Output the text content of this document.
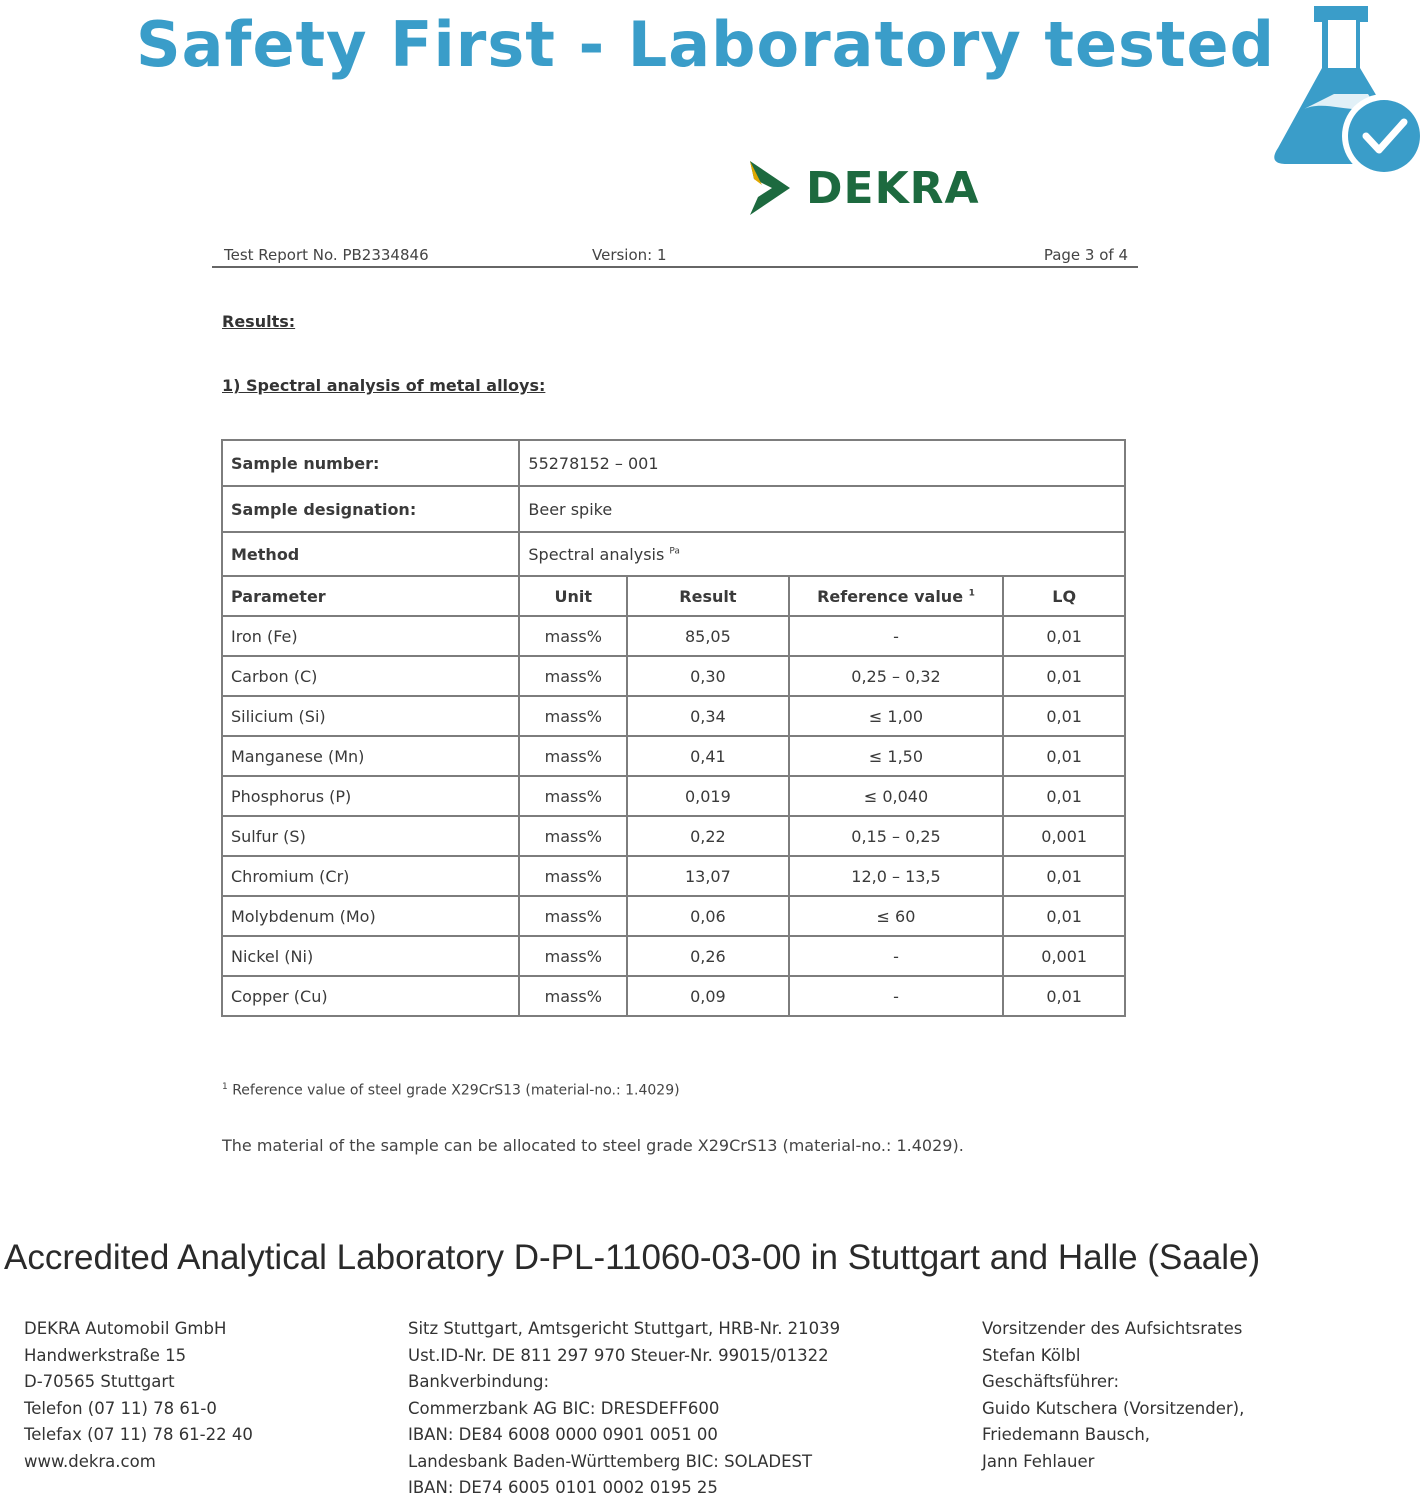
Safety First - Laboratory tested
DEKRA
Test Report No. PB2334846	Version: 1	Page 3 of 4
Results:
1) Spectral analysis of metal alloys:
Sample number:	55278152 – 001			
Sample designation:	Beer spike			
Method	Spectral analysis $^{Pa}$
Parameter	Unit	Result	Reference value $^1$	LQ
Iron (Fe)	mass%	85,05	-	0,01
Carbon (C)	mass%	0,30	0,25 – 0,32	0,01
Silicium (Si)	mass%	0,34	≤ 1,00	0,01
Manganese (Mn)	mass%	0,41	≤ 1,50	0,01
Phosphorus (P)	mass%	0,019	≤ 0,040	0,01
Sulfur (S)	mass%	0,22	0,15 – 0,25	0,001
Chromium (Cr)	mass%	13,07	12,0 – 13,5	0,01
Molybdenum (Mo)	mass%	0,06	≤ 60	0,01
Nickel (Ni)	mass%	0,26	-	0,001
Copper (Cu)	mass%	0,09	-	0,01
$^1$ Reference value of steel grade X29CrS13 (material-no.: 1.4029)
The material of the sample can be allocated to steel grade X29CrS13 (material-no.: 1.4029).
Accredited Analytical Laboratory D-PL-11060-03-00 in Stuttgart and Halle (Saale)
DEKRA Automobil GmbH
Handwerkstraße 15
D-70565 Stuttgart
Telefon (07 11) 78 61-0
Telefax (07 11) 78 61-22 40
www.dekra.com
Sitz Stuttgart, Amtsgericht Stuttgart, HRB-Nr. 21039
Ust.ID-Nr. DE 811 297 970 Steuer-Nr. 99015/01322
Bankverbindung:
Commerzbank AG BIC: DRESDEFF600
IBAN: DE84 6008 0000 0901 0051 00
Landesbank Baden-Württemberg BIC: SOLADEST
IBAN: DE74 6005 0101 0002 0195 25
Vorsitzender des Aufsichtsrates
Stefan Kölbl
Geschäftsführer:
Guido Kutschera (Vorsitzender),
Friedemann Bausch,
Jann Fehlauer
